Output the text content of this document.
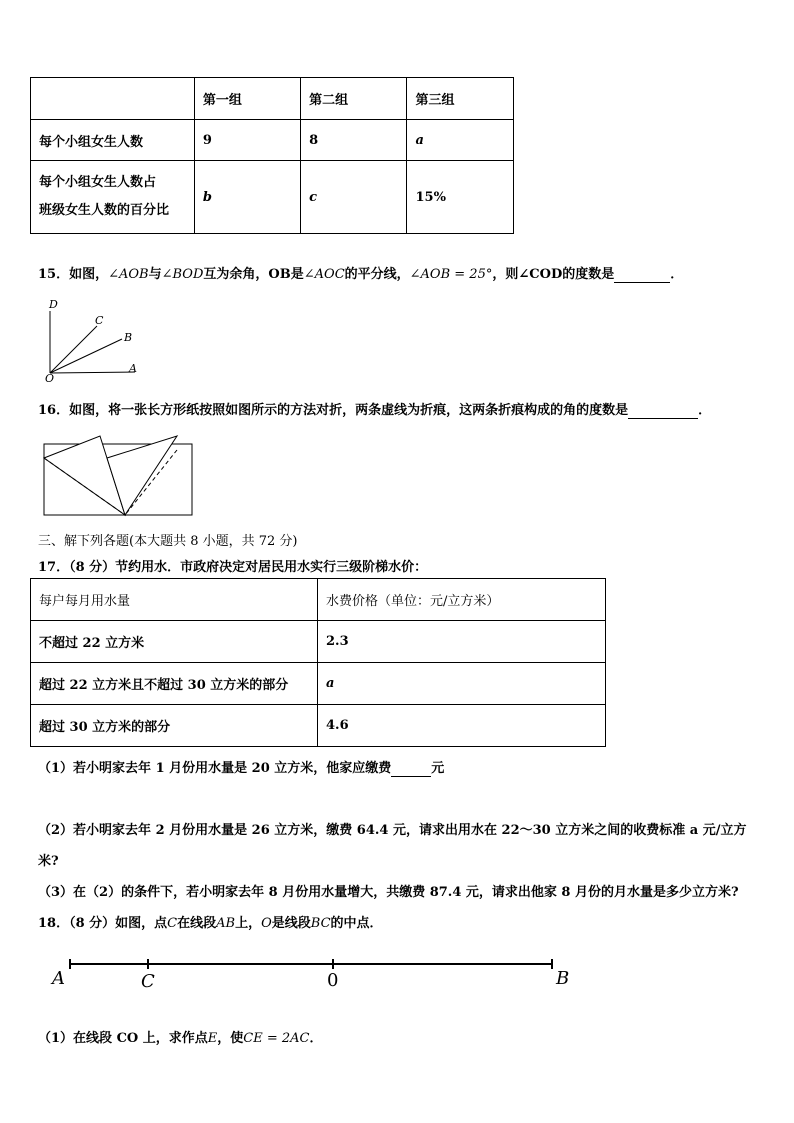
	第一组	第二组	第三组
每个小组女生人数	9	8	a
每个小组女生人数占
班级女生人数的百分比	b	c	15%
15．如图，∠AOB与∠BOD互为余角，OB是∠AOC的平分线，∠AOB = 25°，则∠COD的度数是	．
D
C
B
A
O
16．如图，将一张长方形纸按照如图所示的方法对折，两条虚线为折痕，这两条折痕构成的角的度数是	．
三、解下列各题(本大题共 8 小题，共 72 分)
17．（8 分）节约用水．市政府决定对居民用水实行三级阶梯水价：
每户每月用水量	水费价格（单位：元/立方米）
不超过 22 立方米	2.3
超过 22 立方米且不超过 30 立方米的部分	a
超过 30 立方米的部分	4.6
（1）若小明家去年 1 月份用水量是 20 立方米，他家应缴费	元
（2）若小明家去年 2 月份用水量是 26 立方米，缴费 64.4 元，请求出用水在 22～30 立方米之间的收费标准 a 元/立方
米?
（3）在（2）的条件下，若小明家去年 8 月份用水量增大，共缴费 87.4 元，请求出他家 8 月份的月水量是多少立方米?
18．（8 分）如图，点C在线段AB上，O是线段BC的中点．
A	C	0	B
（1）在线段 CO 上，求作点E，使CE = 2AC．
